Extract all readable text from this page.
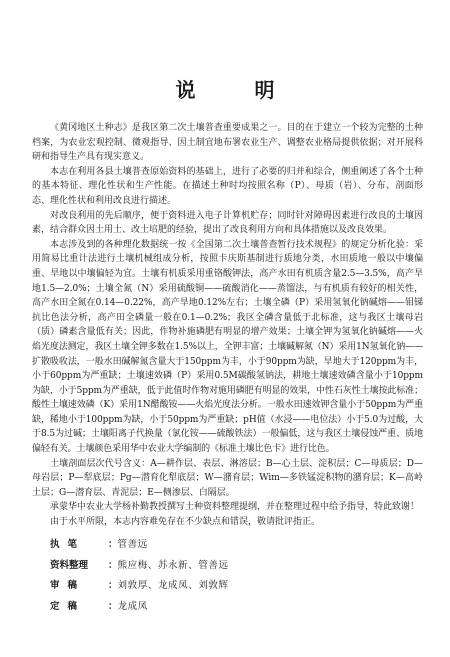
说 明

《黄冈地区土种志》是我区第二次土壤普查重要成果之一。目的在于建立一个较为完整的土种档案，为农业宏观控制、微观指导、因土制宜地布署农业生产、调整农业格局提供依据；对开展科研和指导生产具有现实意义。

本志在利用各县土壤普查原始资料的基础上，进行了必要的归并和综合，侧重阐述了各个土种的基本特征、理化性状和生产性能。在描述土种时均按照名称（P）、母质（岩）、分布、剖面形态、理化性状和利用改良进行描述。

对改良利用的先后顺序，便于资料进入电子计算机贮存；同时针对障碍因素进行改良的土壤因素，结合群众因土用土、改土培肥的经验，提出了改良利用方向和具体措施以及改良效果。

本志涉及到的各种理化数据统一按《全国第二次土壤普查暂行技术规程》的规定分析化验：采用简易比重计法进行土壤机械组成分析，按照卡庆斯基制进行质地分类，水田质地一般以中壤偏重、旱地以中壤偏轻为宜。土壤有机质采用重铬酸钾法，高产水田有机质含量2.5—3.5%，高产旱地1.5—2.0%；土壤全氮（N）采用硫酸铜——硫酸消化——蒸馏法，与有机质有较好的相关性，高产水田全氮在0.14—0.22%，高产旱地0.12%左右；土壤全磷（P）采用氢氧化钠碱熔——钼锑抗比色法分析，高产田全磷量一般在0.1—0.2%；我区全磷含量低于北标准，这与我区土壤母岩（质）磷素含量低有关；因此，作物补施磷肥有明显的增产效果；土壤全钾为氢氧化钠碱熔——火焰光度法测定，我区土壤全钾多数在1.5%以上，全钾丰富；土壤碱解氮（N）采用1N氢氧化钠——扩散吸收法，一般水田碱解氮含量大于150ppm为丰，小于90ppm为缺，旱地大于120ppm为丰，小于60ppm为严重缺；土壤速效磷（P）采用0.5M碳酸氢钠法，耕地土壤速效磷含量小于10ppm为缺，小于5ppm为严重缺，低于此值时作物对施用磷肥有明显的效果，中性石灰性土壤按此标准；酸性土壤速效磷（K）采用1N醋酸铵——火焰光度法分析。一般水田速效钾含量小于50ppm为严重缺，稀地小于100ppm为缺，小于50ppm为严重缺；pH值（水浸——电位法）小于5.0为过酸，大于8.5为过碱；土壤阳离子代换量（氯化铵——硫酸铁法）一般偏低，这与我区土壤侵蚀严重、质地偏轻有关。土壤颜色采用华中农业大学编制的《标准土壤比色卡》进行比色。

土壤剖面层次代号含义：A—耕作层、表层、淋溶层；B—心土层、淀积层；C—母质层；D—母岩层；P—犁底层；Pg—潜育化犁底层；W—潴育层；Wim—多铁锰淀积物的潴育层；K—高岭土层；G—潜育层、青泥层；E—侧渗层、白隔层。

承蒙华中农业大学杨补勤教授撰写土种资料整理提纲，并在整理过程中给予指导，特此致谢！

由于水平所限，本志内容难免存在不少缺点和错误，敬请批评指正。

执笔	： 管善远
资料整理	： 熊应梅、苏永新、管善远
审稿	： 刘敦厚、龙成凤、刘敦辉
定稿	： 龙成凤
